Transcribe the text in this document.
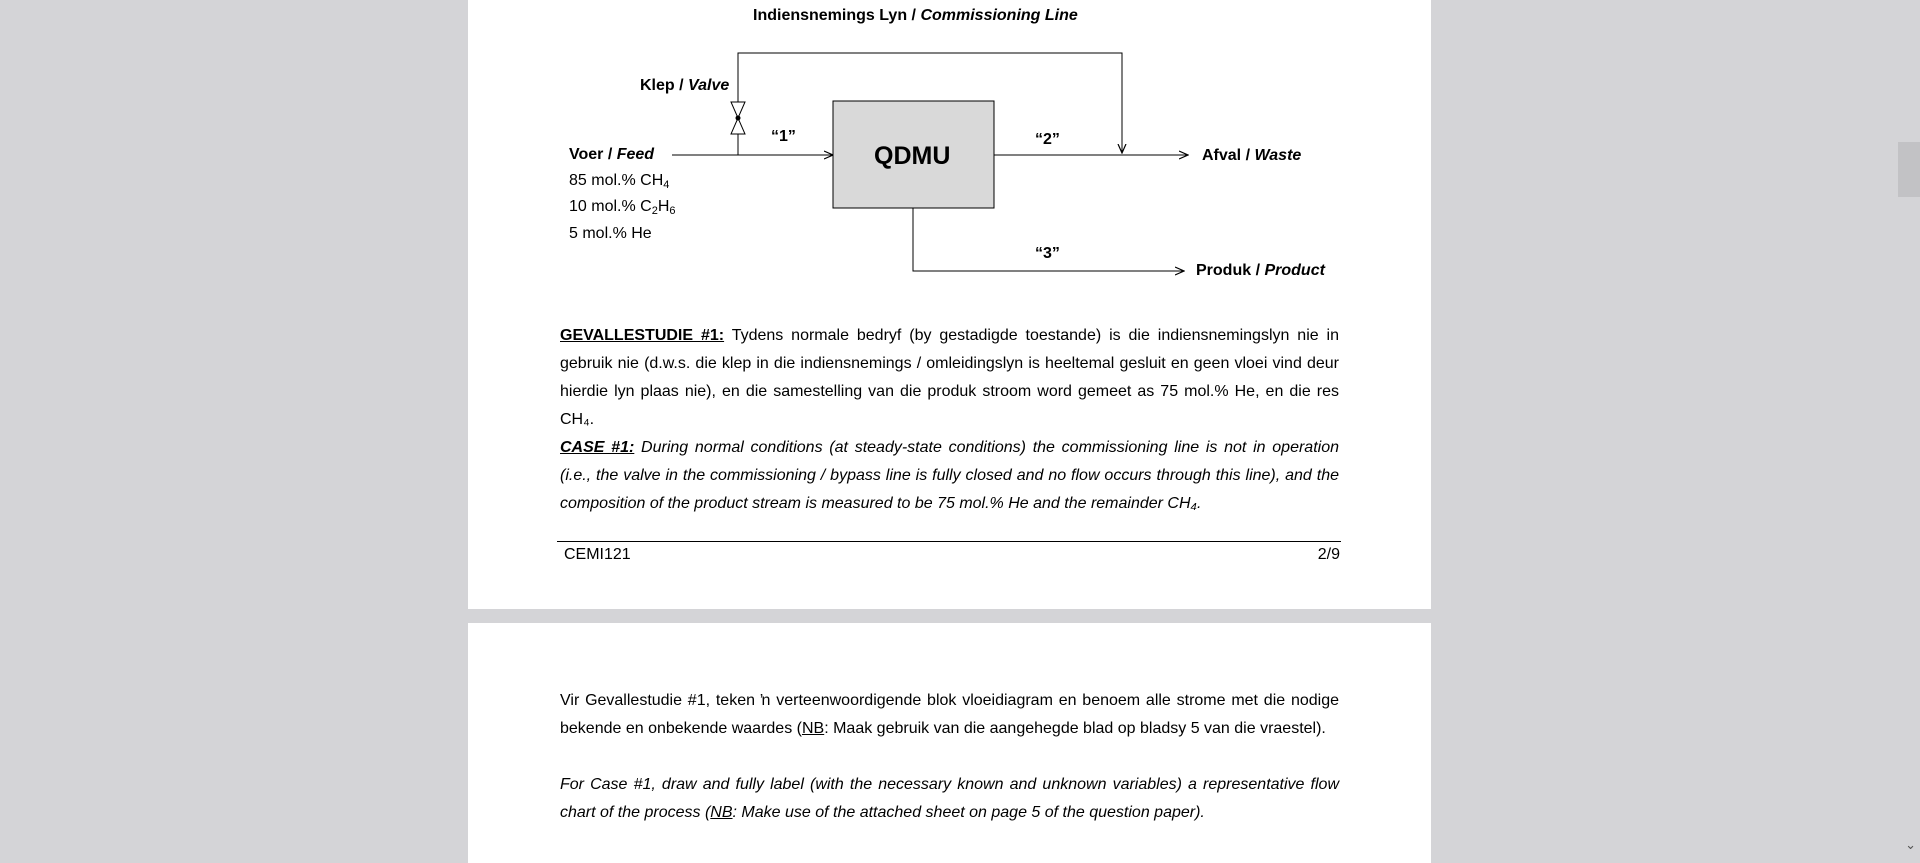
Indiensnemings Lyn / Commissioning Line
Klep / Valve
Voer / Feed
85 mol.% $CH_4$
10 mol.% $C_2H_6$
5 mol.% He
“1”	“2”
“3”
QDMU	Afval / Waste
Produk / Product

GEVALLESTUDIE #1: Tydens normale bedryf (by gestadigde toestande) is die indiensnemingslyn nie in gebruik nie (d.w.s. die klep in die indiensnemings / omleidingslyn is heeltemal gesluit en geen vloei vind deur hierdie lyn plaas nie), en die samestelling van die produk stroom word gemeet as 75 mol.% He, en die res CH₄.

CASE #1: During normal conditions (at steady-state conditions) the commissioning line is not in operation (i.e., the valve in the commissioning / bypass line is fully closed and no flow occurs through this line), and the composition of the product stream is measured to be 75 mol.% He and the remainder CH₄.

CEMI121	2/9

Vir Gevallestudie #1, teken ŉ verteenwoordigende blok vloeidiagram en benoem alle strome met die nodige bekende en onbekende waardes (NB: Maak gebruik van die aangehegde blad op bladsy 5 van die vraestel).

For Case #1, draw and fully label (with the necessary known and unknown variables) a representative flow chart of the process (NB: Make use of the attached sheet on page 5 of the question paper).

⌄
